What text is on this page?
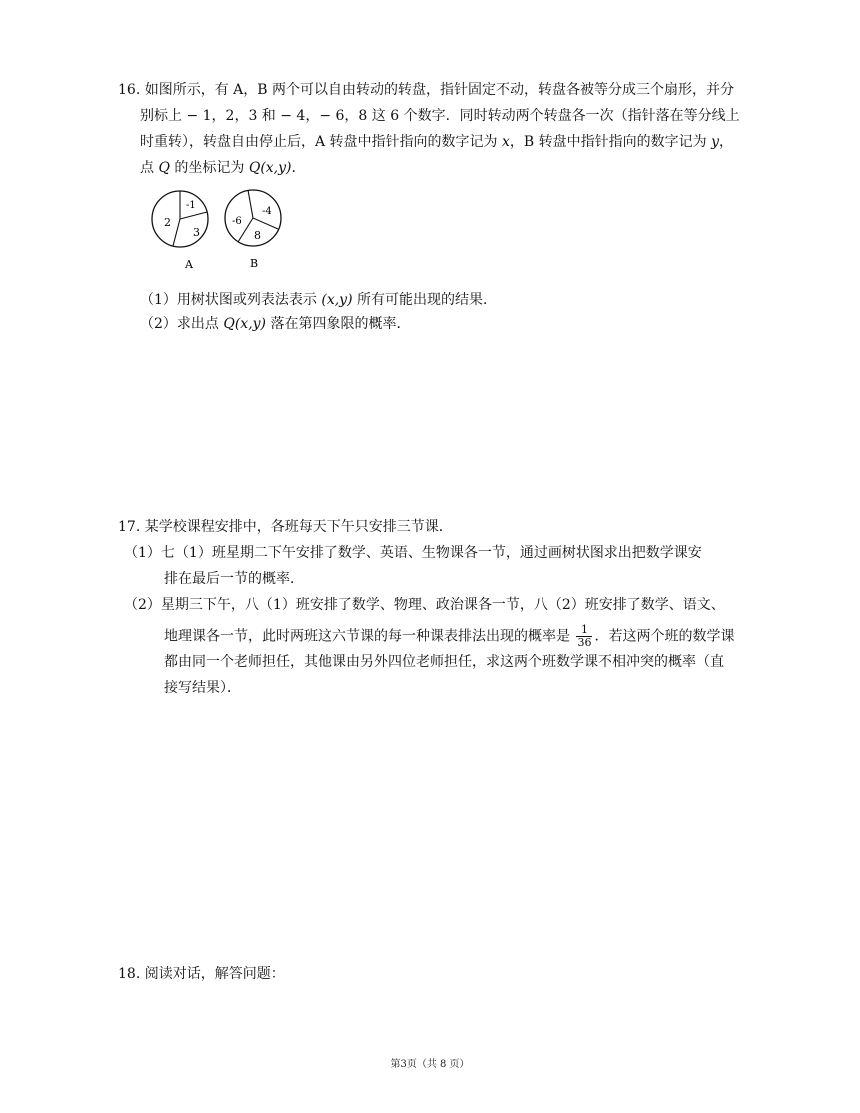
16. 如图所示，有 A，B 两个可以自由转动的转盘，指针固定不动，转盘各被等分成三个扇形，并分
别标上 − 1，2，3 和 − 4，− 6，8 这 6 个数字．同时转动两个转盘各一次（指针落在等分线上
时重转），转盘自由停止后，A 转盘中指针指向的数字记为 x，B 转盘中指针指向的数字记为 y，
点 Q 的坐标记为 Q(x,y)．
-1
2
3
A
-4
-6
8
B
（1）用树状图或列表法表示 (x,y) 所有可能出现的结果．
（2）求出点 Q(x,y) 落在第四象限的概率．
17. 某学校课程安排中，各班每天下午只安排三节课．
（1）七（1）班星期二下午安排了数学、英语、生物课各一节，通过画树状图求出把数学课安
排在最后一节的概率．
（2）星期三下午，八（1）班安排了数学、物理、政治课各一节，八（2）班安排了数学、语文、
地理课各一节，此时两班这六节课的每一种课表排法出现的概率是 $\frac{1}{36}$ ．若这两个班的数学课
都由同一个老师担任，其他课由另外四位老师担任，求这两个班数学课不相冲突的概率（直
接写结果）．
18. 阅读对话，解答问题：
第3页（共 8 页）
